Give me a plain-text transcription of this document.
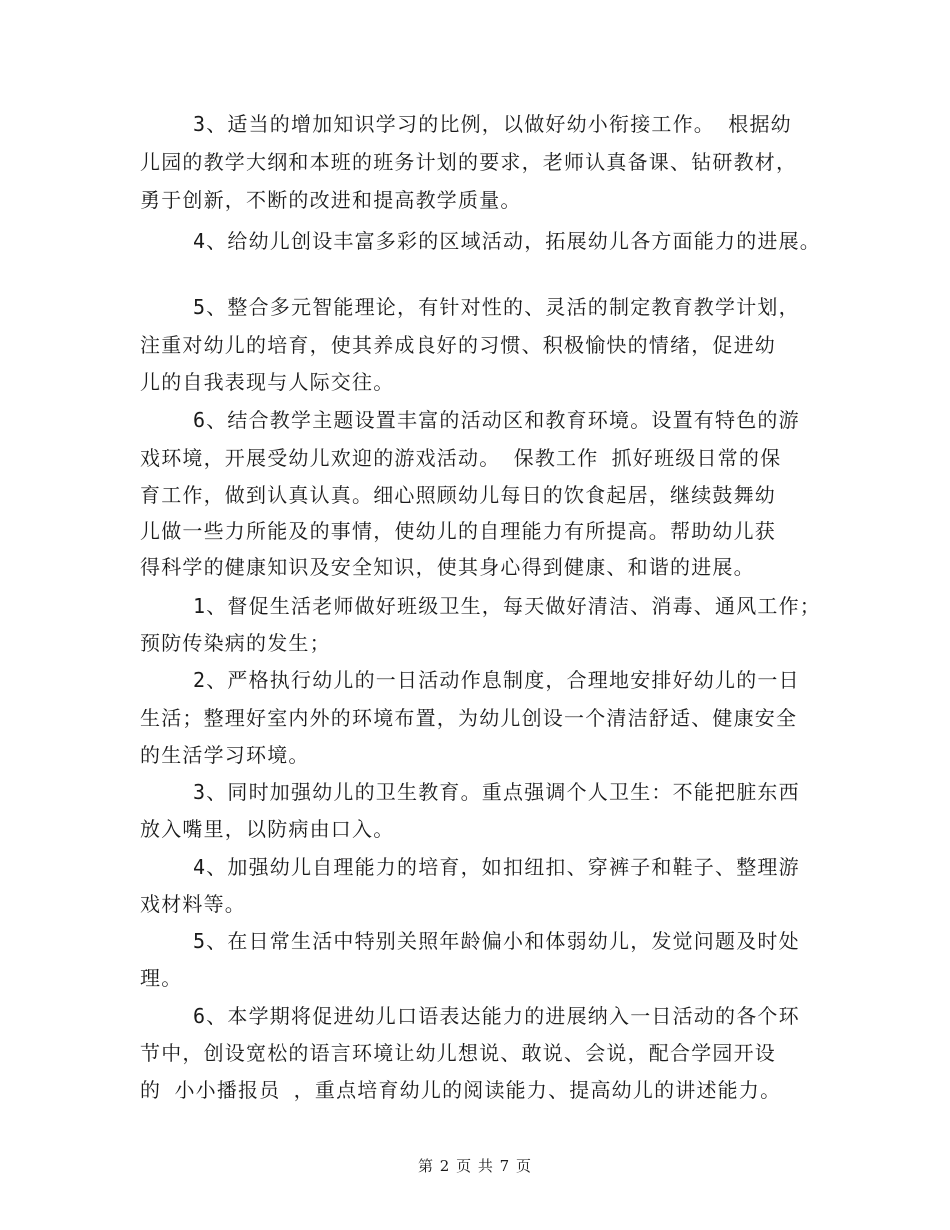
3、适当的增加知识学习的比例，以做好幼小衔接工作。 根据幼
儿园的教学大纲和本班的班务计划的要求，老师认真备课、钻研教材，
勇于创新，不断的改进和提高教学质量。
4、给幼儿创设丰富多彩的区域活动，拓展幼儿各方面能力的进展。
5、整合多元智能理论，有针对性的、灵活的制定教育教学计划，
注重对幼儿的培育，使其养成良好的习惯、积极愉快的情绪，促进幼
儿的自我表现与人际交往。
6、结合教学主题设置丰富的活动区和教育环境。设置有特色的游
戏环境，开展受幼儿欢迎的游戏活动。 保教工作 抓好班级日常的保
育工作，做到认真认真。细心照顾幼儿每日的饮食起居，继续鼓舞幼
儿做一些力所能及的事情，使幼儿的自理能力有所提高。帮助幼儿获
得科学的健康知识及安全知识，使其身心得到健康、和谐的进展。
1、督促生活老师做好班级卫生，每天做好清洁、消毒、通风工作；
预防传染病的发生；
2、严格执行幼儿的一日活动作息制度，合理地安排好幼儿的一日
生活；整理好室内外的环境布置，为幼儿创设一个清洁舒适、健康安全
的生活学习环境。
3、同时加强幼儿的卫生教育。重点强调个人卫生：不能把脏东西
放入嘴里，以防病由口入。
4、加强幼儿自理能力的培育，如扣纽扣、穿裤子和鞋子、整理游
戏材料等。
5、在日常生活中特别关照年龄偏小和体弱幼儿，发觉问题及时处
理。
6、本学期将促进幼儿口语表达能力的进展纳入一日活动的各个环
节中，创设宽松的语言环境让幼儿想说、敢说、会说，配合学园开设
的 小小播报员 ，重点培育幼儿的阅读能力、提高幼儿的讲述能力。
第 2 页 共 7 页
